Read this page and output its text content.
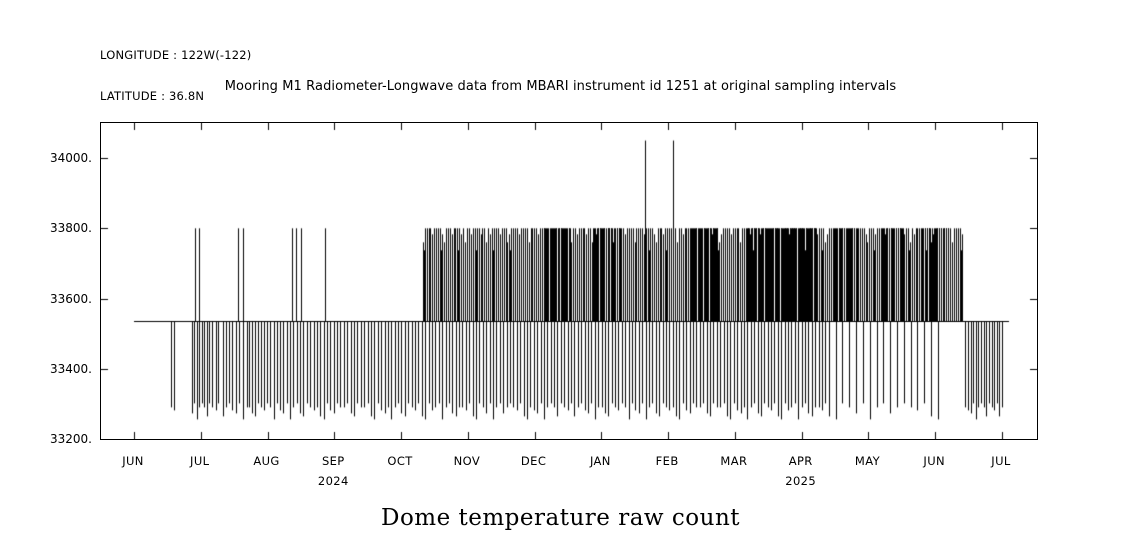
LONGITUDE : 122W(-122)

LATITUDE : 36.8N

Mooring M1 Radiometer-Longwave data from MBARI instrument id 1251 at original sampling intervals
33200.
33400.
33600.
33800.
34000.
JUN	JUL	AUG	SEP	OCT	NOV	DEC	JAN	FEB	MAR	APR	MAY	JUN	JUL
2024	2025
Dome temperature raw count
